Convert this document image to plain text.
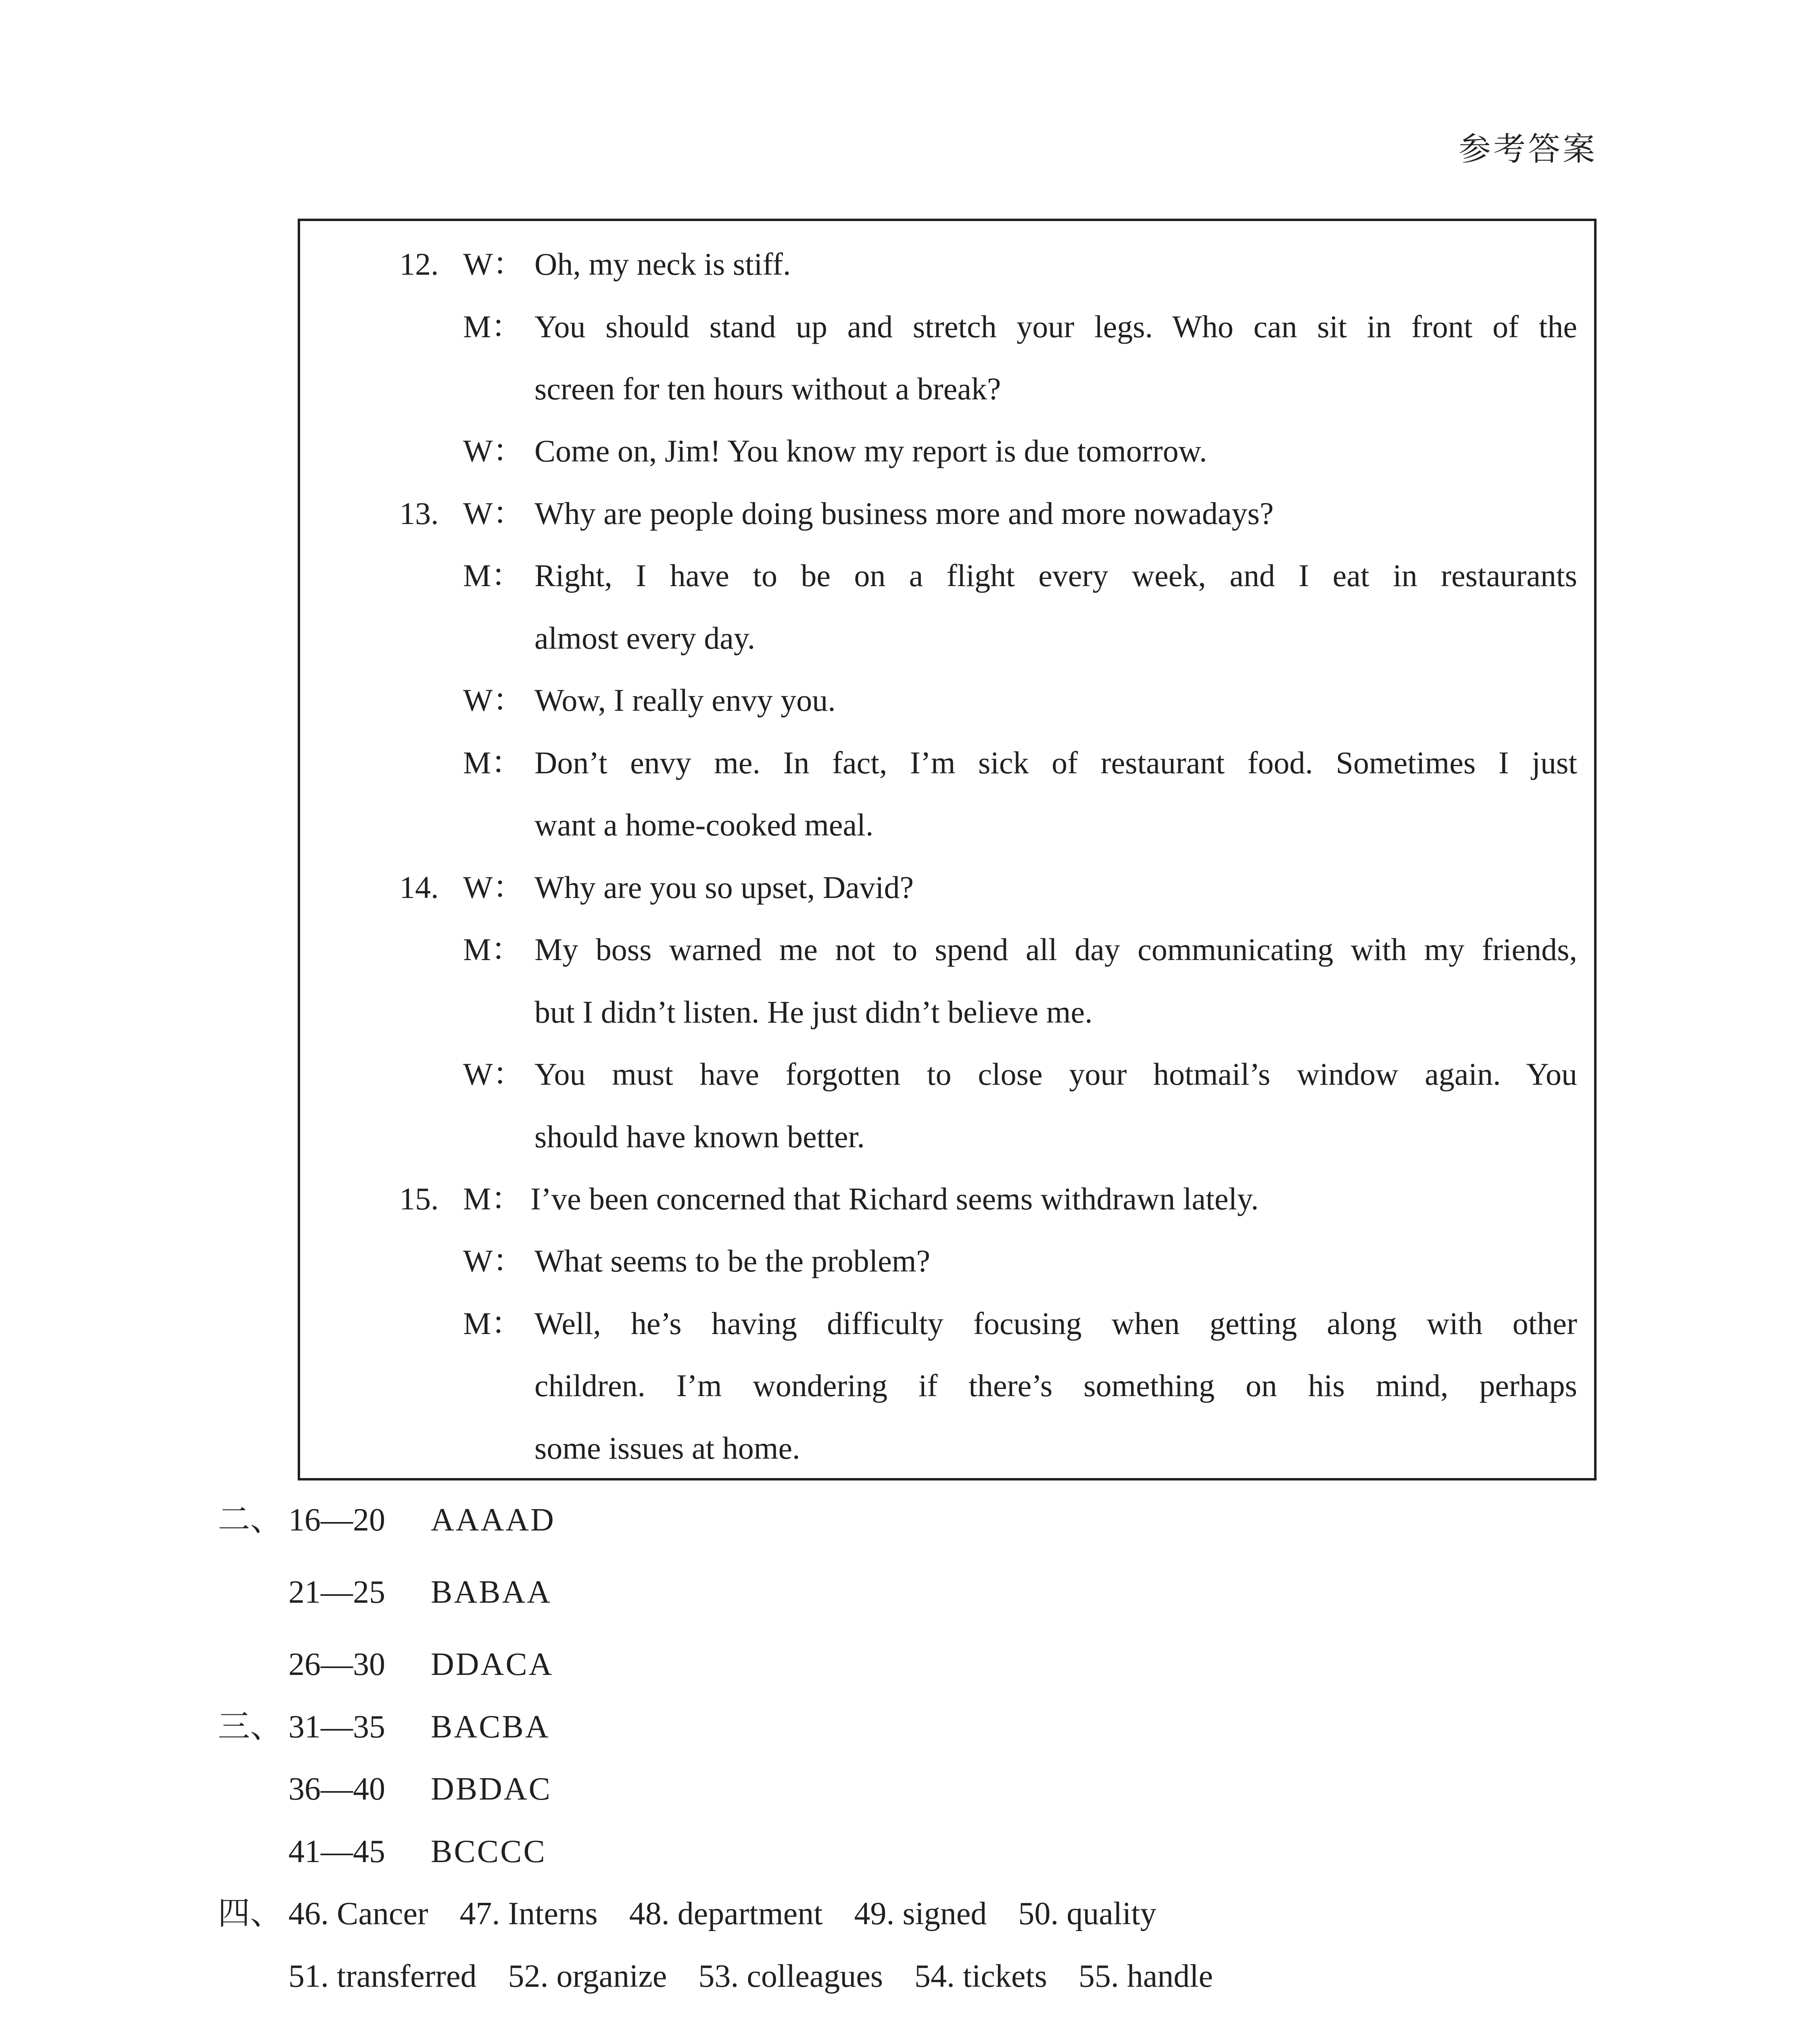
参考答案
12. W： Oh, my neck is stiff.
M： You should stand up and stretch your legs. Who can sit in front of the
screen for ten hours without a break?
W： Come on, Jim! You know my report is due tomorrow.
13. W： Why are people doing business more and more nowadays?
M： Right, I have to be on a flight every week, and I eat in restaurants
almost every day.
W： Wow, I really envy you.
M： Don’t envy me. In fact, I’m sick of restaurant food. Sometimes I just
want a home-cooked meal.
14. W： Why are you so upset, David?
M： My boss warned me not to spend all day communicating with my friends,
but I didn’t listen. He just didn’t believe me.
W： You must have forgotten to close your hotmail’s window again. You
should have known better.
15. M： I’ve been concerned that Richard seems withdrawn lately.
W： What seems to be the problem?
M： Well, he’s having difficulty focusing when getting along with other
children. I’m wondering if there’s something on his mind, perhaps
some issues at home.
二、 16—20 AAAAD
21—25 BABAA
26—30 DDACA
三、 31—35 BACBA
36—40 DBDAC
41—45 BCCCC
四、 46. Cancer 47. Interns 48. department 49. signed 50. quality
51. transferred 52. organize 53. colleagues 54. tickets 55. handle
